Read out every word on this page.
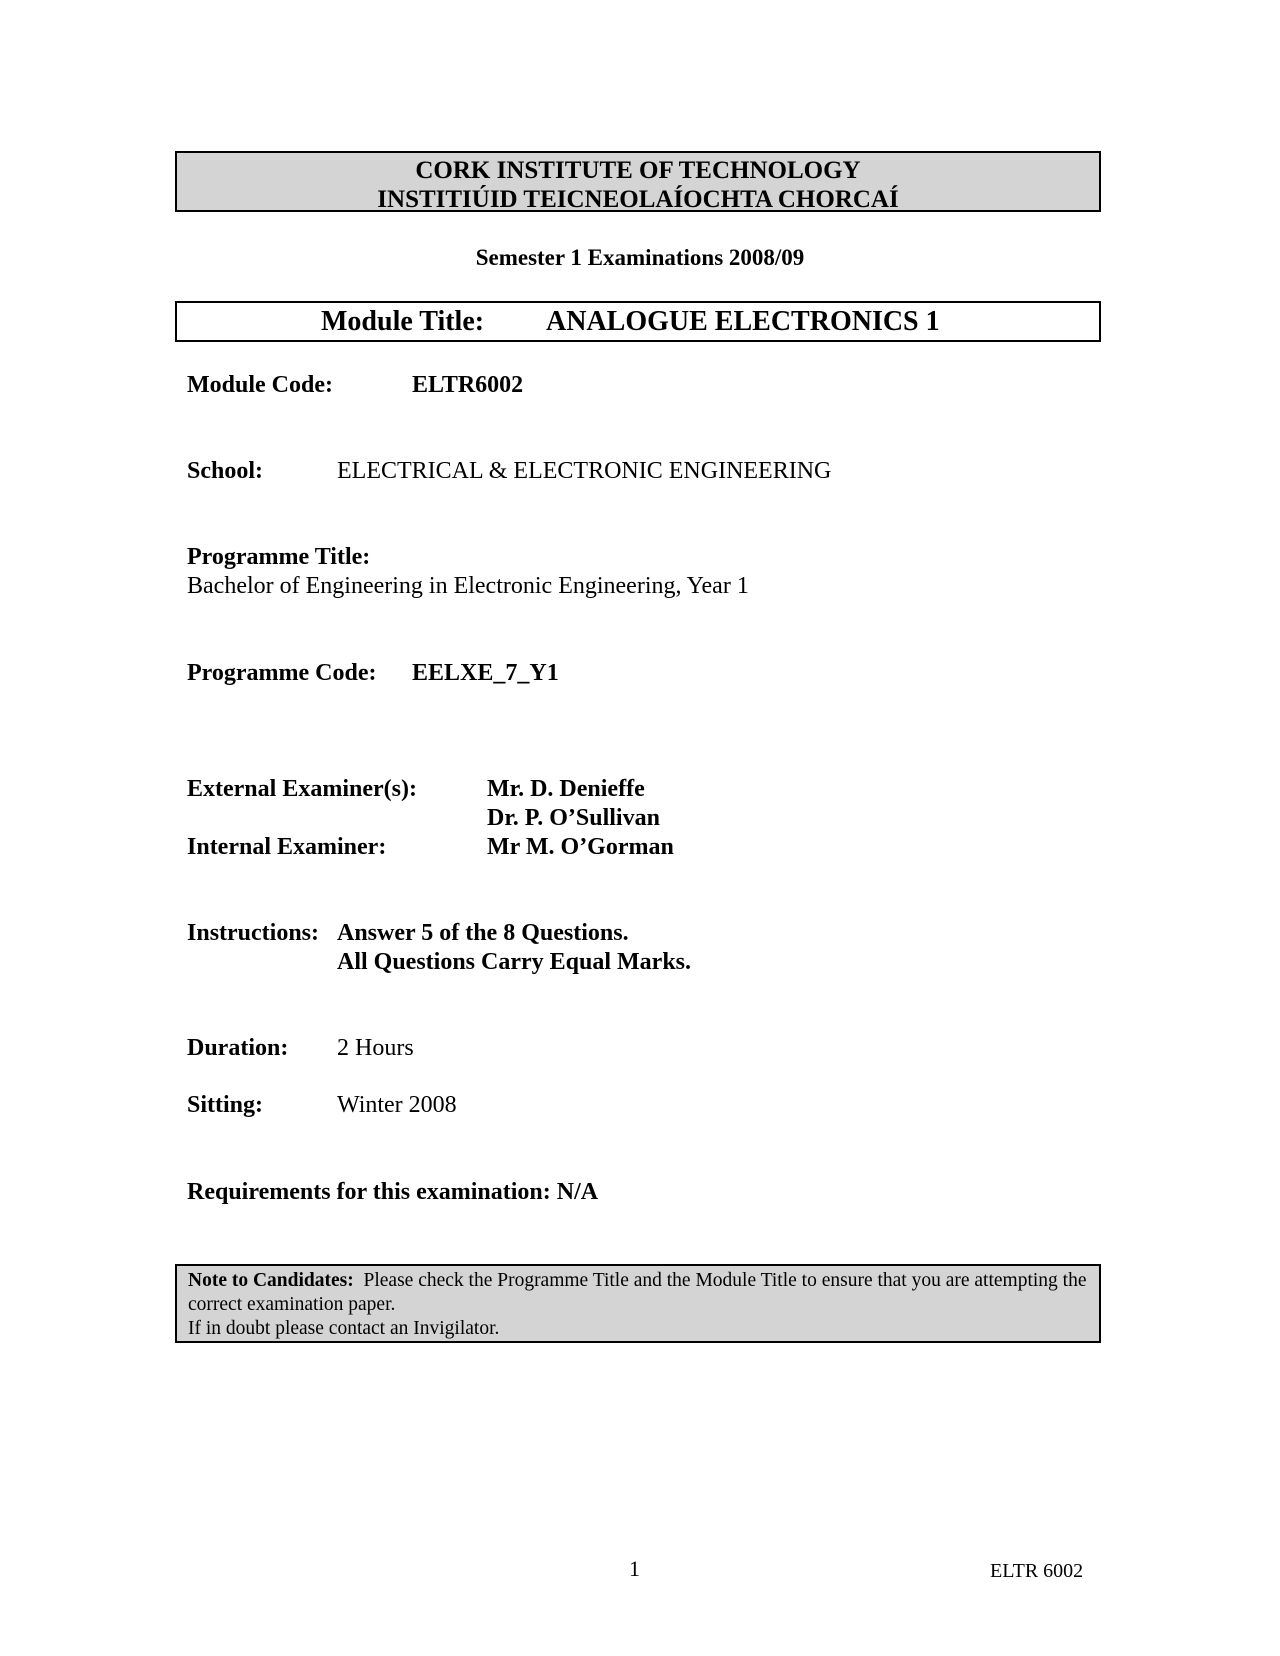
CORK INSTITUTE OF TECHNOLOGY
INSTITIÚID TEICNEOLAÍOCHTA CHORCAÍ
Semester 1 Examinations 2008/09
Module Title: ANALOGUE ELECTRONICS 1
Module Code:	ELTR6002
School:	ELECTRICAL & ELECTRONIC ENGINEERING
Programme Title:
Bachelor of Engineering in Electronic Engineering, Year 1
Programme Code: EELXE_7_Y1
External Examiner(s):	Mr. D. Denieffe
Dr. P. O’Sullivan
Internal Examiner:	Mr M. O’Gorman
Instructions: Answer 5 of the 8 Questions.
All Questions Carry Equal Marks.
Duration: 2 Hours
Sitting:	Winter 2008
Requirements for this examination: N/A
Note to Candidates: Please check the Programme Title and the Module Title to ensure that you are attempting the correct examination paper.
If in doubt please contact an Invigilator.
1	ELTR 6002
